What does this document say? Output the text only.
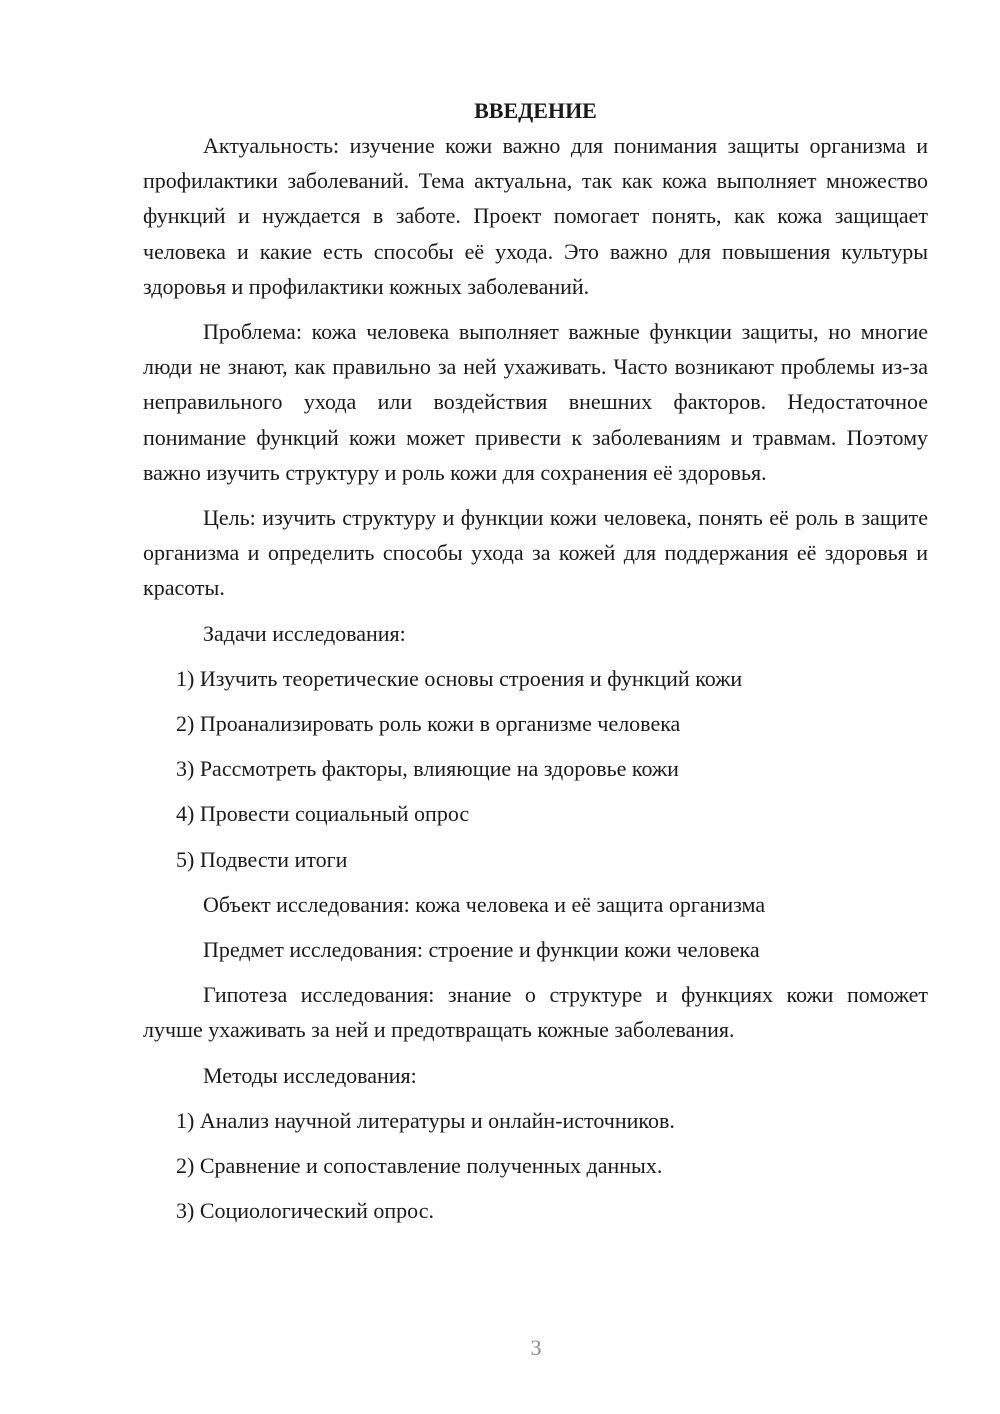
ВВЕДЕНИЕ

Актуальность: изучение кожи важно для понимания защиты организма и профилактики заболеваний. Тема актуальна, так как кожа выполняет множество функций и нуждается в заботе. Проект помогает понять, как кожа защищает человека и какие есть способы её ухода. Это важно для повышения культуры здоровья и профилактики кожных заболеваний.

Проблема: кожа человека выполняет важные функции защиты, но многие люди не знают, как правильно за ней ухаживать. Часто возникают проблемы из-за неправильного ухода или воздействия внешних факторов. Недостаточное понимание функций кожи может привести к заболеваниям и травмам. Поэтому важно изучить структуру и роль кожи для сохранения её здоровья.

Цель: изучить структуру и функции кожи человека, понять её роль в защите организма и определить способы ухода за кожей для поддержания её здоровья и красоты.

Задачи исследования:
1) Изучить теоретические основы строения и функций кожи
2) Проанализировать роль кожи в организме человека
3) Рассмотреть факторы, влияющие на здоровье кожи
4) Провести социальный опрос
5) Подвести итоги
Объект исследования: кожа человека и её защита организма
Предмет исследования: строение и функции кожи человека

Гипотеза исследования: знание о структуре и функциях кожи поможет лучше ухаживать за ней и предотвращать кожные заболевания.

Методы исследования:
1) Анализ научной литературы и онлайн-источников.
2) Сравнение и сопоставление полученных данных.
3) Социологический опрос.
3
